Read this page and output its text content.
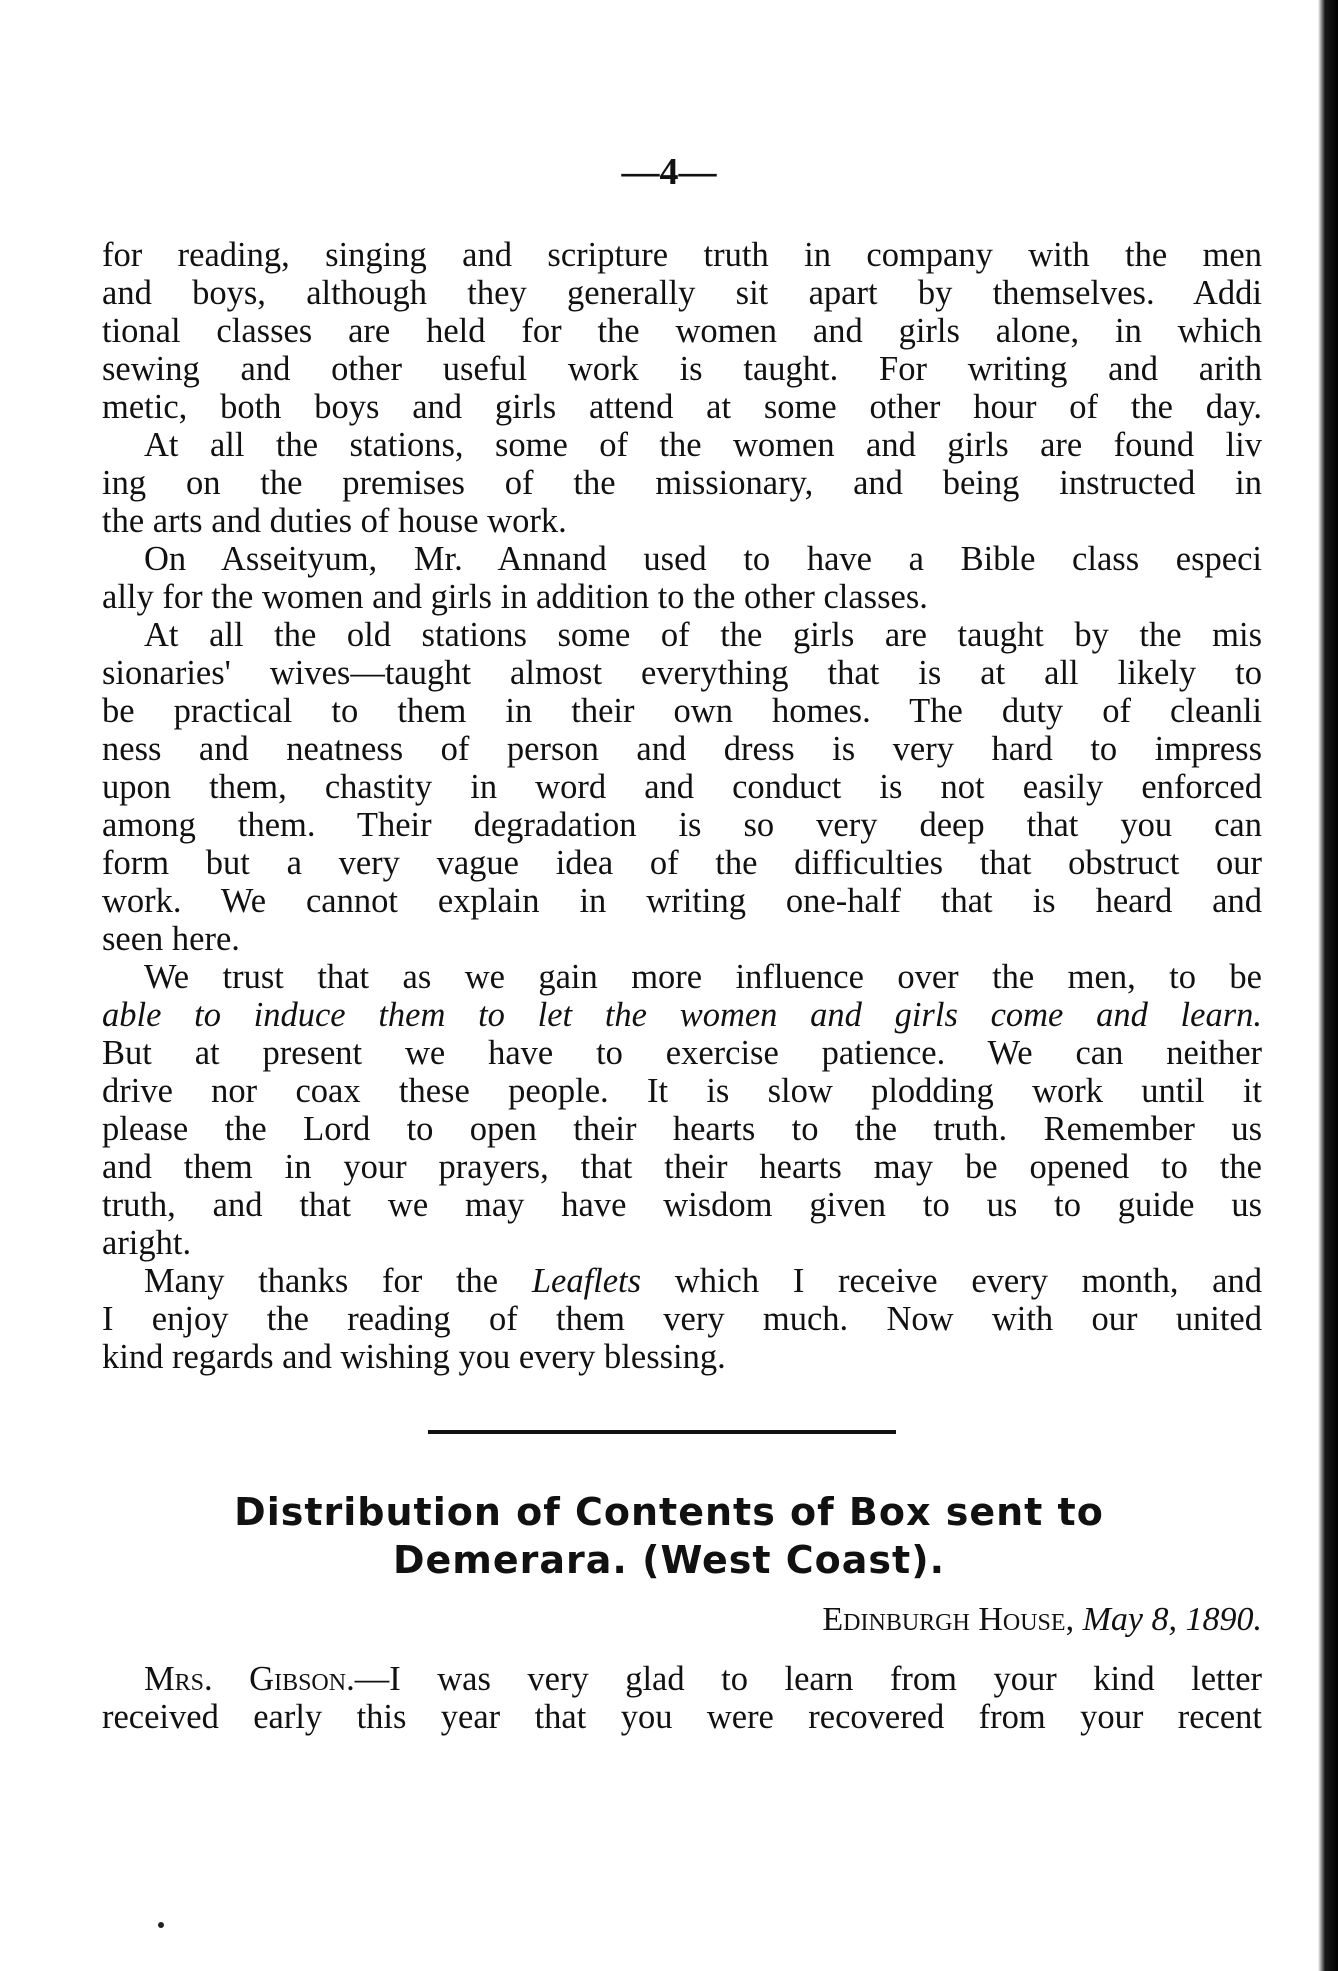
—4—
for reading, singing and scripture truth in company with the men
and boys, although they generally sit apart by themselves. Addi
tional classes are held for the women and girls alone, in which
sewing and other useful work is taught. For writing and arith
metic, both boys and girls attend at some other hour of the day.
At all the stations, some of the women and girls are found liv
ing on the premises of the missionary, and being instructed in
the arts and duties of house work.
On Asseityum, Mr. Annand used to have a Bible class especi
ally for the women and girls in addition to the other classes.
At all the old stations some of the girls are taught by the mis
sionaries' wives—taught almost everything that is at all likely to
be practical to them in their own homes. The duty of cleanli
ness and neatness of person and dress is very hard to impress
upon them, chastity in word and conduct is not easily enforced
among them. Their degradation is so very deep that you can
form but a very vague idea of the difficulties that obstruct our
work. We cannot explain in writing one-half that is heard and
seen here.
We trust that as we gain more influence over the men, to be
able to induce them to let the women and girls come and learn.
But at present we have to exercise patience. We can neither
drive nor coax these people. It is slow plodding work until it
please the Lord to open their hearts to the truth. Remember us
and them in your prayers, that their hearts may be opened to the
truth, and that we may have wisdom given to us to guide us
aright.
Many thanks for the Leaflets which I receive every month, and
I enjoy the reading of them very much. Now with our united
kind regards and wishing you every blessing.
Distribution of Contents of Box sent to
Demerara. (West Coast).
Edinburgh House, May 8, 1890.
Mrs. Gibson.—I was very glad to learn from your kind letter
received early this year that you were recovered from your recent
